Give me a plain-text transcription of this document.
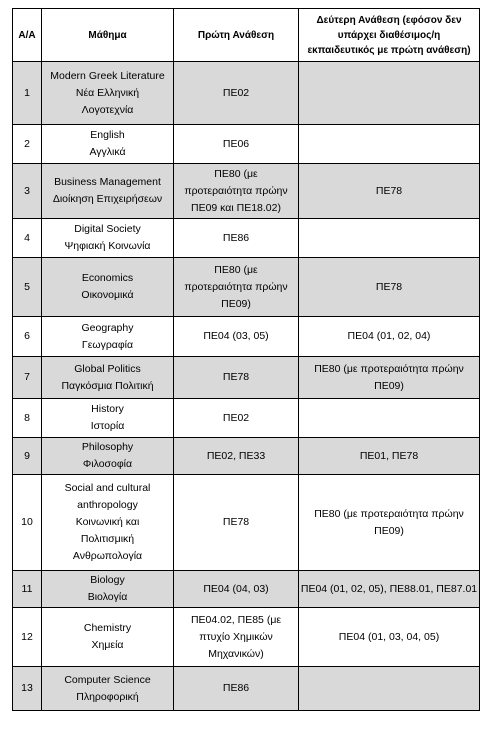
A/A	Μάθημα	Πρώτη Ανάθεση	Δεύτερη Ανάθεση (εφόσον δεν
υπάρχει διαθέσιμος/η
εκπαιδευτικός με πρώτη ανάθεση)

1	Modern Greek Literature
Νέα Ελληνική
Λογοτεχνία	ΠΕ02	

2	English
Αγγλικά	ΠΕ06	

3	Business Management
Διοίκηση Επιχειρήσεων	ΠΕ80 (με
προτεραιότητα πρώην
ΠΕ09 και ΠΕ18.02)	ΠΕ78

4	Digital Society
Ψηφιακή Κοινωνία	ΠΕ86	

5	Economics
Οικονομικά	ΠΕ80 (με
προτεραιότητα πρώην
ΠΕ09)	ΠΕ78

6	Geography
Γεωγραφία	ΠΕ04 (03, 05)	ΠΕ04 (01, 02, 04)

7	Global Politics
Παγκόσμια Πολιτική	ΠΕ78	ΠΕ80 (με προτεραιότητα πρώην
ΠΕ09)

8	History
Ιστορία	ΠΕ02	

9	Philosophy
Φιλοσοφία	ΠΕ02, ΠΕ33	ΠΕ01, ΠΕ78

10	Social and cultural
anthropology
Κοινωνική και
Πολιτισμική
Ανθρωπολογία	ΠΕ78	ΠΕ80 (με προτεραιότητα πρώην
ΠΕ09)

11	Biology
Βιολογία	ΠΕ04 (04, 03)	ΠΕ04 (01, 02, 05), ΠΕ88.01, ΠΕ87.01

12	Chemistry
Χημεία	ΠΕ04.02, ΠΕ85 (με
πτυχίο Χημικών
Μηχανικών)	ΠΕ04 (01, 03, 04, 05)

13	Computer Science
Πληροφορική	ΠΕ86	
